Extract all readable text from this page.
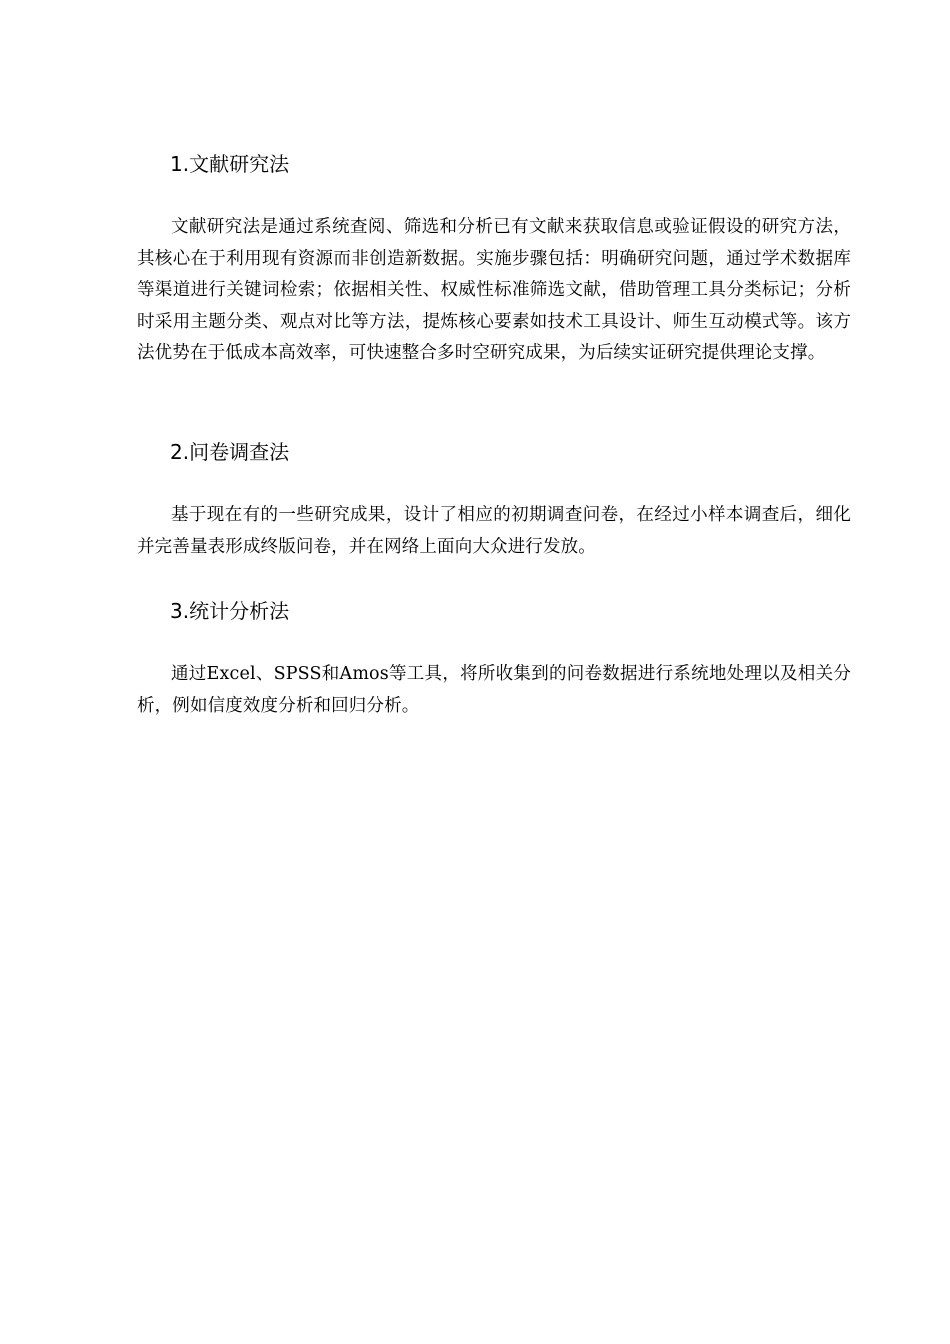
1.文献研究法

文献研究法是通过系统查阅、筛选和分析已有文献来获取信息或验证假设的研究方法，其核心在于利用现有资源而非创造新数据。实施步骤包括：明确研究问题，通过学术数据库等渠道进行关键词检索；依据相关性、权威性标准筛选文献，借助管理工具分类标记；分析时采用主题分类、观点对比等方法，提炼核心要素如技术工具设计、师生互动模式等。该方法优势在于低成本高效率，可快速整合多时空研究成果，为后续实证研究提供理论支撑。

2.问卷调查法

基于现在有的一些研究成果，设计了相应的初期调查问卷，在经过小样本调查后，细化并完善量表形成终版问卷，并在网络上面向大众进行发放。

3.统计分析法

通过Excel、SPSS和Amos等工具，将所收集到的问卷数据进行系统地处理以及相关分析，例如信度效度分析和回归分析。
